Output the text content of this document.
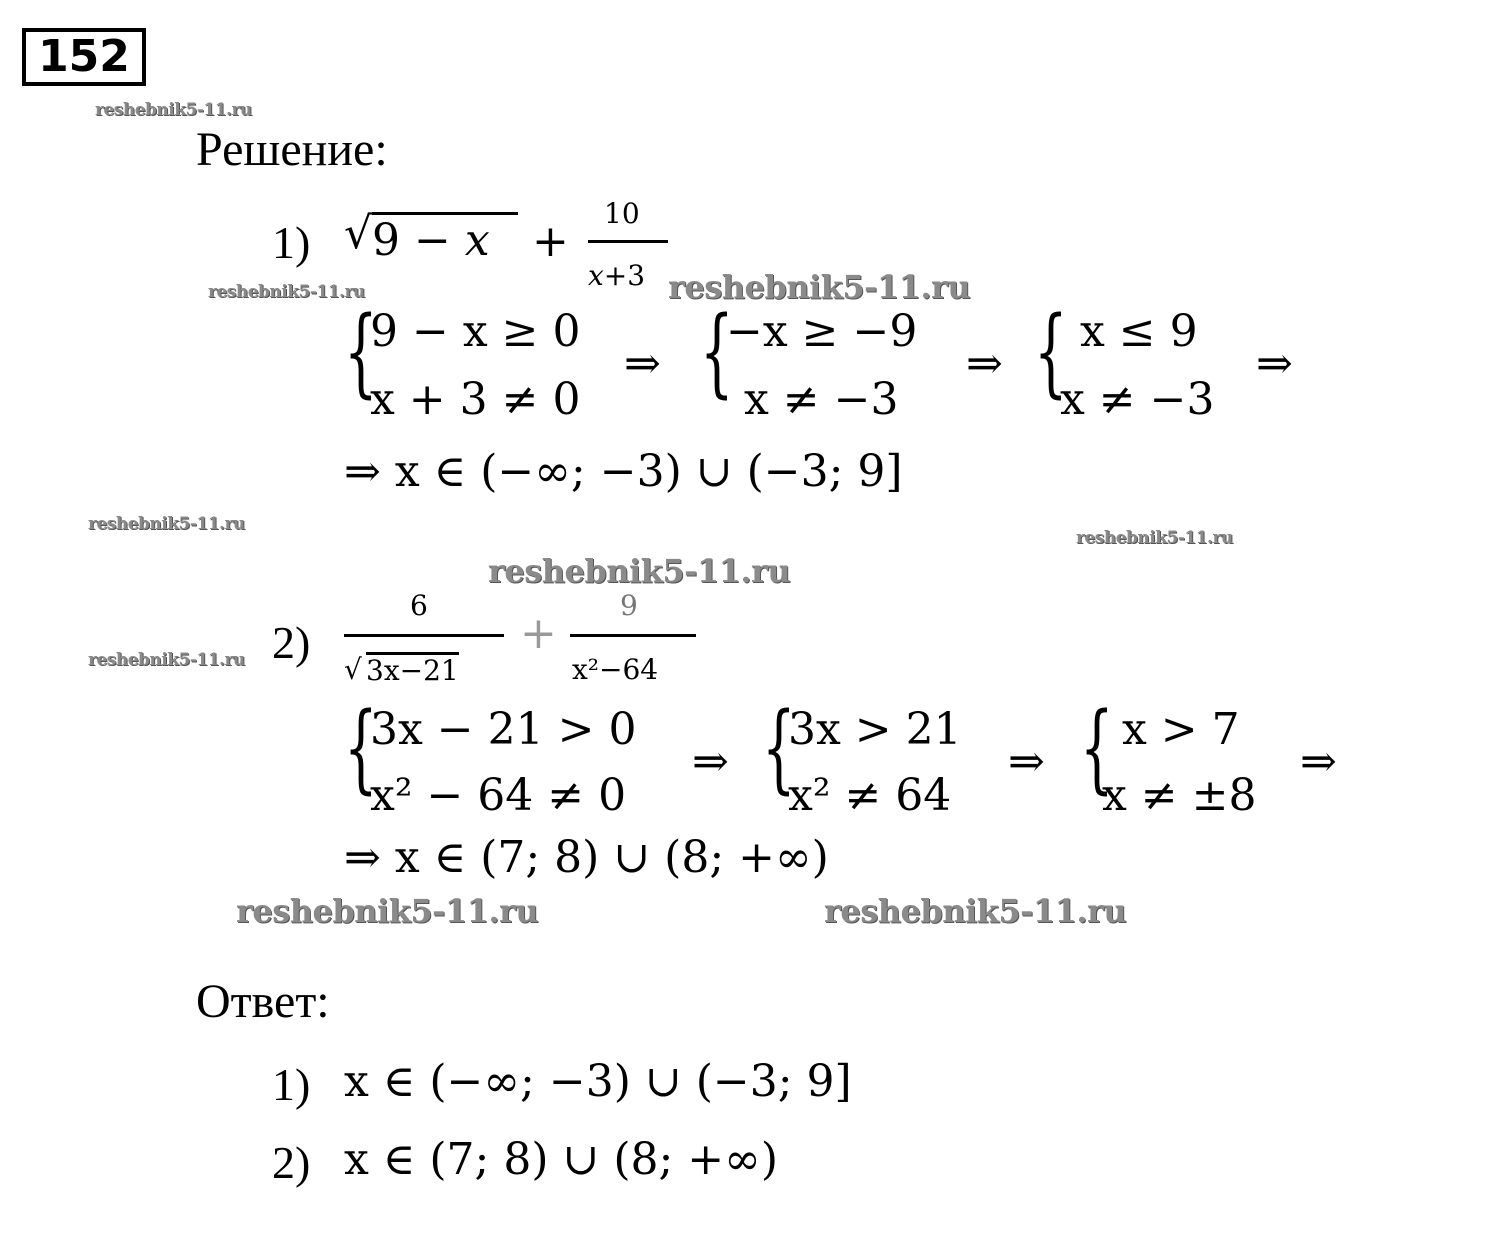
152
reshebnik5-11.ru
reshebnik5-11.ru	reshebnik5-11.ru
reshebnik5-11.ru
reshebnik5-11.ru
reshebnik5-11.ru
reshebnik5-11.ru
reshebnik5-11.ru	reshebnik5-11.ru
Решение:
1) √ 9 − x +
10
x+3
{
9 − x ≥ 0
x + 3 ≠ 0
⇒ {
−x ≥ −9
x ≠ −3
⇒ { x ≤ 9
x ≠ −3
⇒
⇒ x ∈ (−∞; −3) ∪ (−3; 9]
2)
6
√ 3x−21
+
9
x²−64
{
3x − 21 > 0
x² − 64 ≠ 0
⇒ {
3x > 21
x² ≠ 64
⇒ { x > 7
x ≠ ±8
⇒
⇒ x ∈ (7; 8) ∪ (8; +∞)
Ответ:
1) x ∈ (−∞; −3) ∪ (−3; 9]
2) x ∈ (7; 8) ∪ (8; +∞)
